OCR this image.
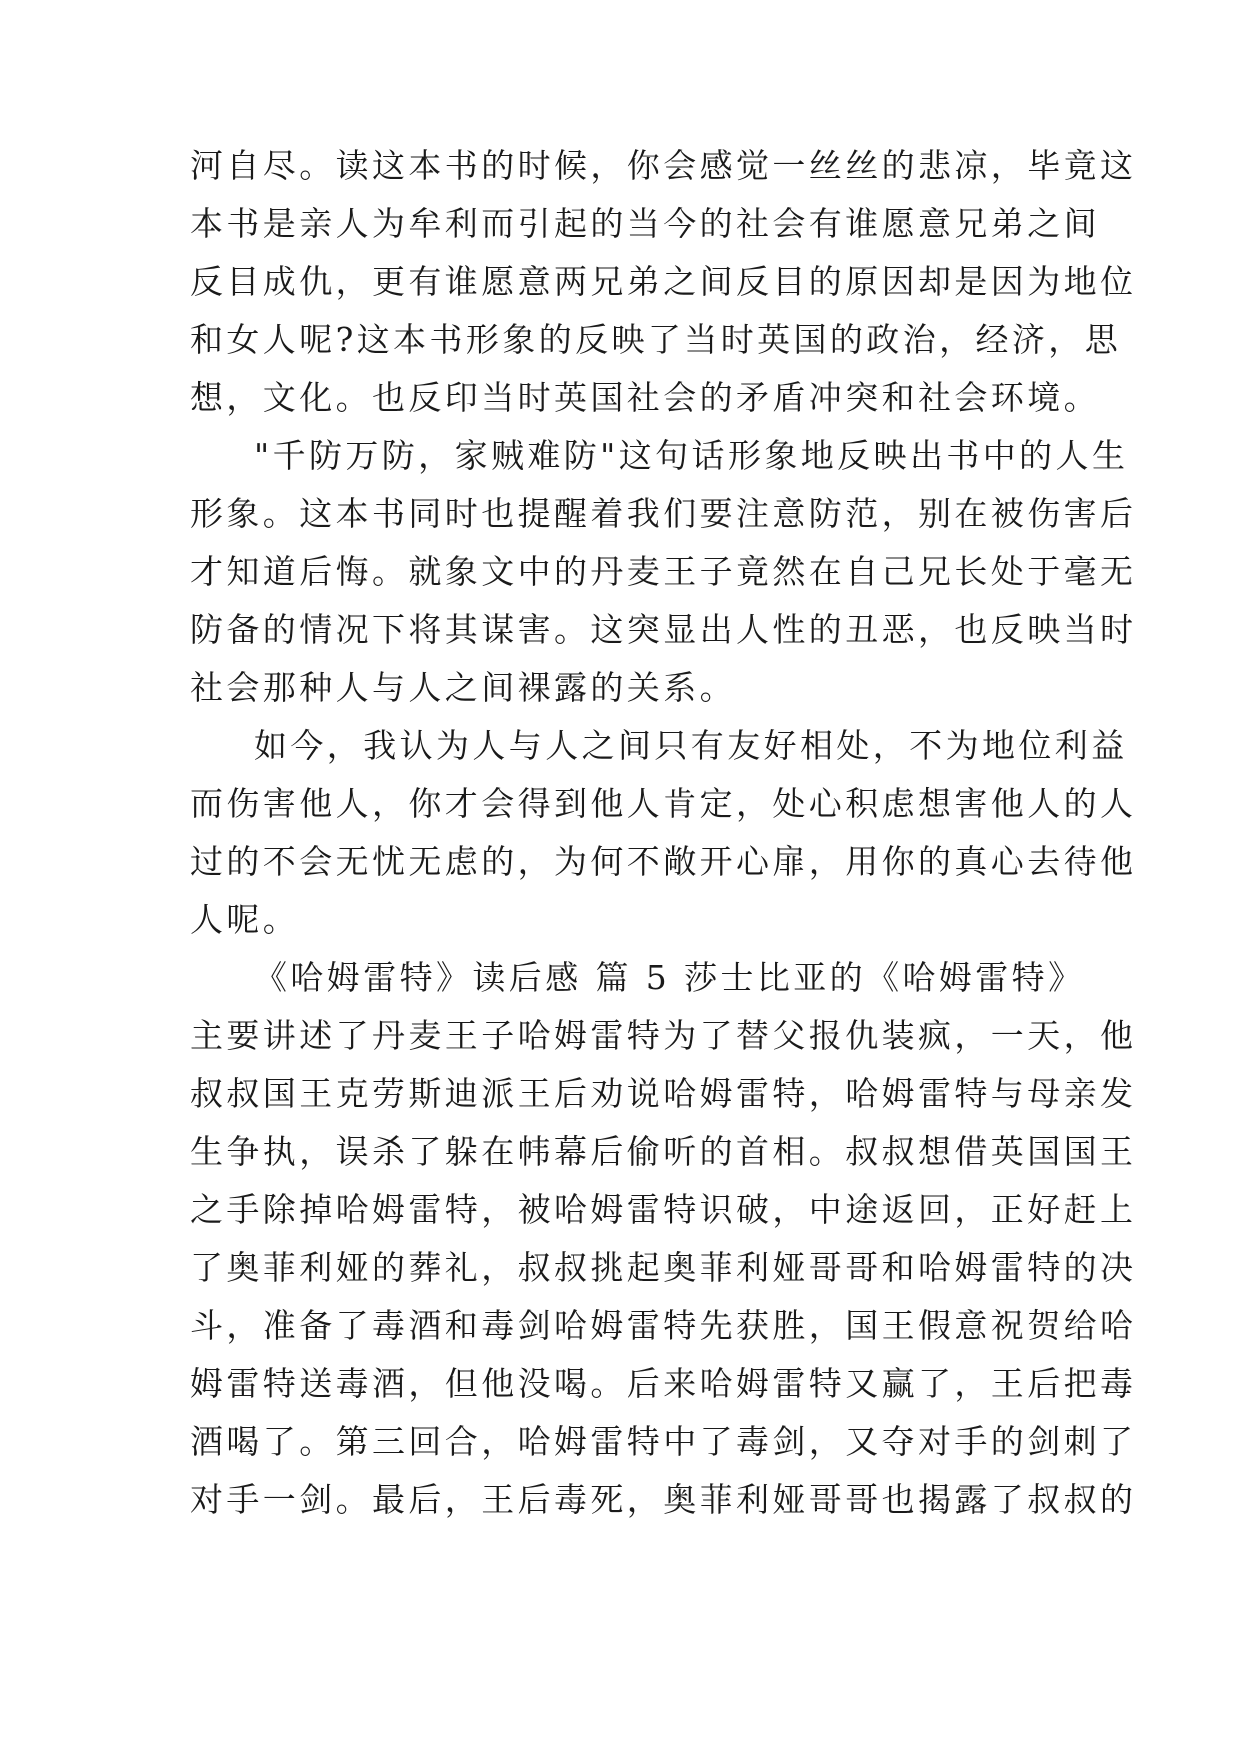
河自尽。读这本书的时候，你会感觉一丝丝的悲凉，毕竟这
本书是亲人为牟利而引起的当今的社会有谁愿意兄弟之间
反目成仇，更有谁愿意两兄弟之间反目的原因却是因为地位
和女人呢?这本书形象的反映了当时英国的政治，经济，思
想，文化。也反印当时英国社会的矛盾冲突和社会环境。
"千防万防，家贼难防"这句话形象地反映出书中的人生
形象。这本书同时也提醒着我们要注意防范，别在被伤害后
才知道后悔。就象文中的丹麦王子竟然在自己兄长处于毫无
防备的情况下将其谋害。这突显出人性的丑恶，也反映当时
社会那种人与人之间裸露的关系。
如今，我认为人与人之间只有友好相处，不为地位利益
而伤害他人，你才会得到他人肯定，处心积虑想害他人的人
过的不会无忧无虑的，为何不敞开心扉，用你的真心去待他
人呢。
《哈姆雷特》读后感 篇 5 莎士比亚的《哈姆雷特》
主要讲述了丹麦王子哈姆雷特为了替父报仇装疯，一天，他
叔叔国王克劳斯迪派王后劝说哈姆雷特，哈姆雷特与母亲发
生争执，误杀了躲在帏幕后偷听的首相。叔叔想借英国国王
之手除掉哈姆雷特，被哈姆雷特识破，中途返回，正好赶上
了奥菲利娅的葬礼，叔叔挑起奥菲利娅哥哥和哈姆雷特的决
斗，准备了毒酒和毒剑哈姆雷特先获胜，国王假意祝贺给哈
姆雷特送毒酒，但他没喝。后来哈姆雷特又赢了，王后把毒
酒喝了。第三回合，哈姆雷特中了毒剑，又夺对手的剑刺了
对手一剑。最后，王后毒死，奥菲利娅哥哥也揭露了叔叔的
